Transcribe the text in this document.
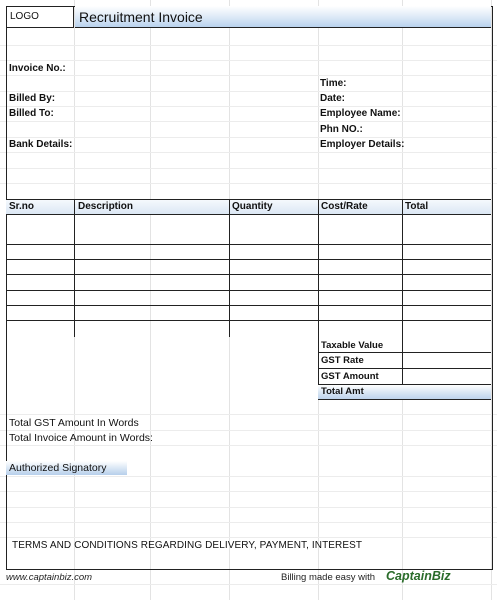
LOGO	Recruitment Invoice
Invoice No.:
Billed By:
Billed To:
Bank Details:
Time:
Date:
Employee Name:
Phn NO.:
Employer Details:
Sr.no	Description	Quantity	Cost/Rate	Total
Taxable Value
GST Rate
GST Amount
Total Amt
Total GST Amount In Words
Total Invoice Amount in Words:
Authorized Signatory
TERMS AND CONDITIONS REGARDING DELIVERY, PAYMENT, INTEREST
www.captainbiz.com	Billing made easy with CaptainBiz
